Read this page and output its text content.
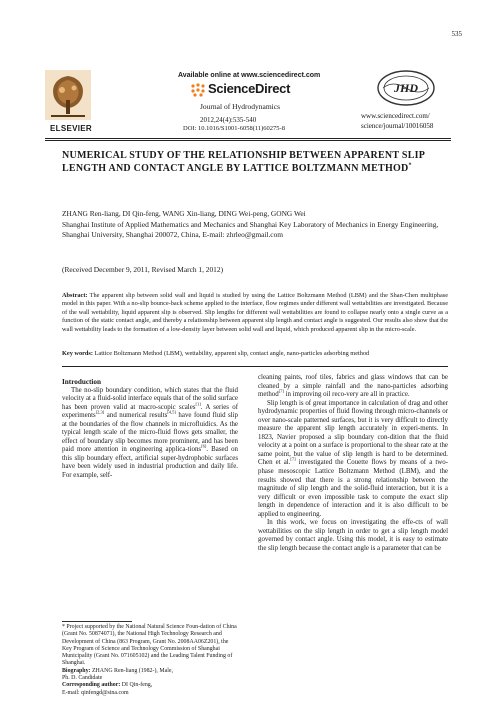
535
ELSEVIER
Available online at www.sciencedirect.com
ScienceDirect
Journal of Hydrodynamics
2012,24(4):535-540
DOI: 10.1016/S1001-6058(11)60275-8
JHD
www.sciencedirect.com/
science/journal/10016058
NUMERICAL STUDY OF THE RELATIONSHIP BETWEEN APPARENT SLIP LENGTH AND CONTACT ANGLE BY LATTICE BOLTZMANN METHOD*
ZHANG Ren-liang, DI Qin-feng, WANG Xin-liang, DING Wei-peng, GONG Wei
Shanghai Institute of Applied Mathematics and Mechanics and Shanghai Key Laboratory of Mechanics in Energy Engineering, Shanghai University, Shanghai 200072, China, E-mail: zhrleo@gmail.com
(Received December 9, 2011, Revised March 1, 2012)
Abstract: The apparent slip between solid wall and liquid is studied by using the Lattice Boltzmann Method (LBM) and the Shan-Chen multiphase model in this paper. With a no-slip bounce-back scheme applied to the interface, flow regimes under different wall wettabilities are investigated. Because of the wall wettability, liquid apparent slip is observed. Slip lengths for different wall wettabilities are found to collapse nearly onto a single curve as a function of the static contact angle, and thereby a relationship between apparent slip length and contact angle is suggested. Our results also show that the wall wettability leads to the formation of a low-density layer between solid wall and liquid, which produced apparent slip in the micro-scale.
Key words: Lattice Boltzmann Method (LBM), wettability, apparent slip, contact angle, nano-particles adsorbing method
Introduction

The no-slip boundary condition, which states that the fluid velocity at a fluid-solid interface equals that of the solid surface has been proven valid at macro-scopic scales[1]. A series of experiments[2,3] and numerical results[4,5] have found fluid slip at the boundaries of the flow channels in microfluidics. As the typical length scale of the micro-fluid flows gets smaller, the effect of boundary slip becomes more prominent, and has been paid more attention in engineering applica-tions[6]. Based on this slip boundary effect, artificial super-hydrophobic surfaces have been widely used in industrial production and daily life. For example, self-

cleaning paints, roof tiles, fabrics and glass windows that can be cleaned by a simple rainfall and the nano-particles adsorbing method[7] in improving oil reco-very are all in practice.

Slip length is of great importance in calculation of drag and other hydrodynamic properties of fluid flowing through micro-channels or over nano-scale patterned surfaces, but it is very difficult to directly measure the apparent slip length accurately in experi-ments. In 1823, Navier proposed a slip boundary con-dition that the fluid velocity at a point on a surface is proportional to the shear rate at the same point, but the value of slip length is hard to be determined. Chen et al.[7] investigated the Couette flows by means of a two-phase mesoscopic Lattice Boltzmann Method (LBM), and the results showed that there is a strong relationship between the magnitude of slip length and the solid-fluid interaction, but it is a very difficult or even impossible task to compute the exact slip length in dependence of interaction and it is also difficult to be applied to engineering.

In this work, we focus on investigating the effe-cts of wall wettabilities on the slip length in order to get a slip length model governed by contact angle. Using this model, it is easy to estimate the slip length because the contact angle is a parameter that can be

* Project supported by the National Natural Science Foun-dation of China (Grant No. 50874071), the National High Technology Research and Development of China (863 Program, Grant No. 2008AA06Z201), the Key Program of Science and Technology Commission of Shanghai Municipality (Grant No. 071605102) and the Leading Talent Funding of Shanghai.

Biography: ZHANG Ren-liang (1982-), Male,

Ph. D. Candidate

Corresponding author: DI Qin-feng,

E-mail: qinfengd@sina.com
